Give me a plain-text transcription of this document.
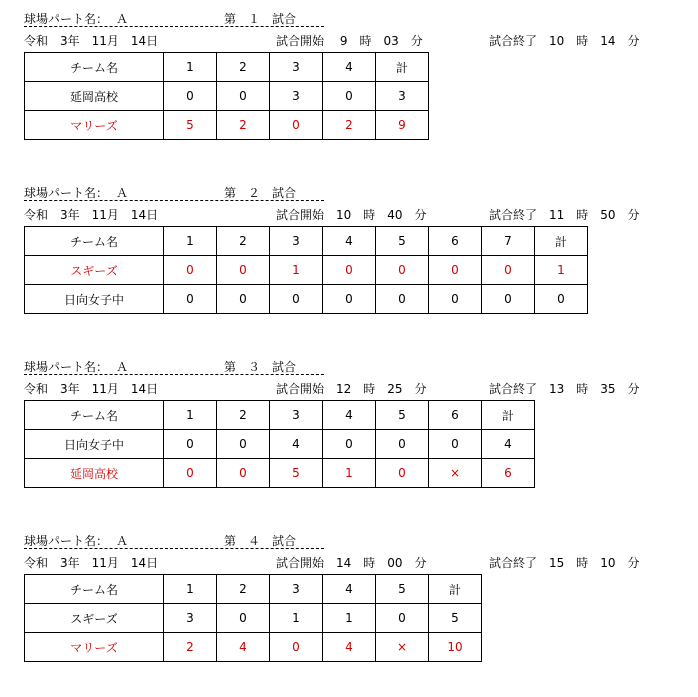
球場パート名： Ａ	第　１　試合
令和　3年　11月　14日	試合開始　 9　時　03　分	試合終了　10　時　14　分
チーム名	1	2	3	4	計
延岡高校	0	0	3	0	3
マリーズ	5	2	0	2	9
球場パート名： Ａ	第　２　試合
令和　3年　11月　14日	試合開始　10　時　40　分	試合終了　11　時　50　分
チーム名	1	2	3	4	5	6	7	計
スギーズ	0	0	1	0	0	0	0	1
日向女子中	0	0	0	0	0	0	0	0
球場パート名： Ａ	第　３　試合
令和　3年　11月　14日	試合開始　12　時　25　分	試合終了　13　時　35　分
チーム名	1	2	3	4	5	6	計
日向女子中	0	0	4	0	0	0	4
延岡高校	0	0	5	1	0	×	6
球場パート名： Ａ	第　４　試合
令和　3年　11月　14日	試合開始　14　時　00　分	試合終了　15　時　10　分
チーム名	1	2	3	4	5	計
スギーズ	3	0	1	1	0	5
マリーズ	2	4	0	4	×	10
